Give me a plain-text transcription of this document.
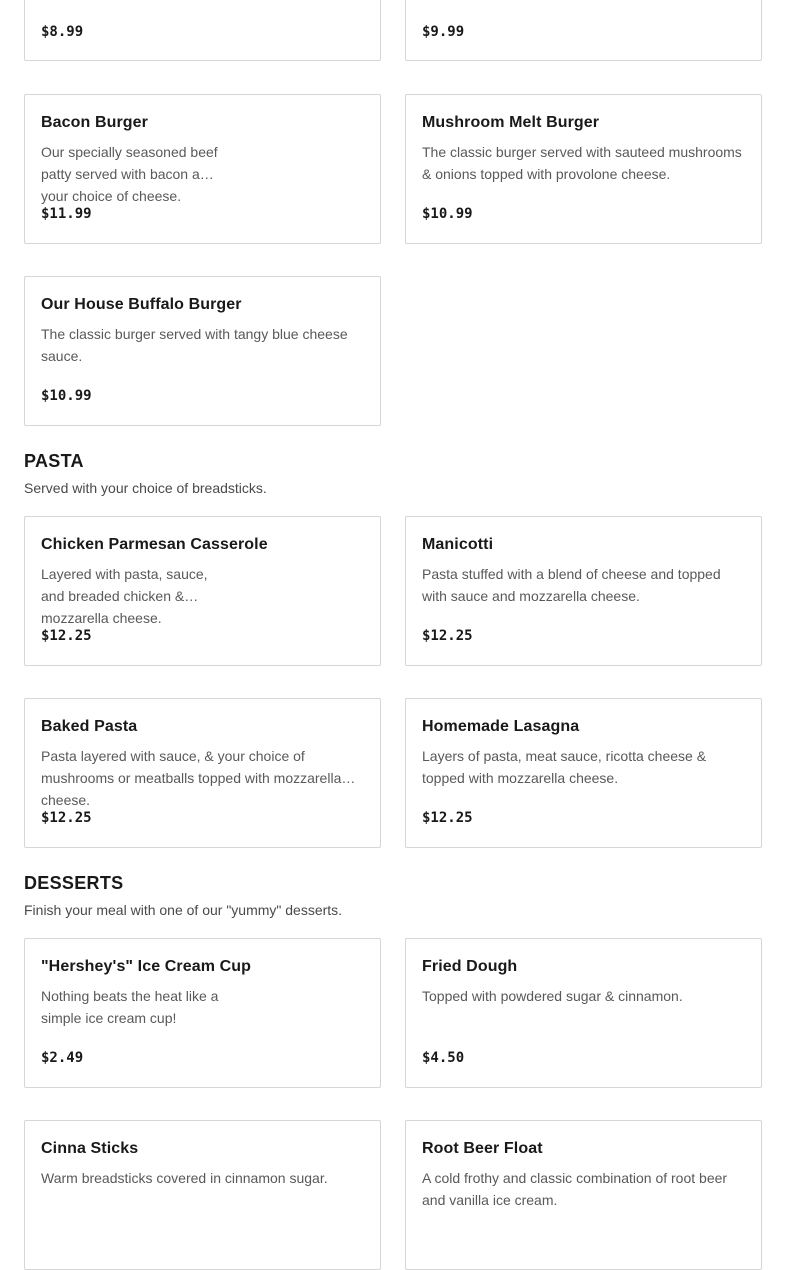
$8.99	$9.99
Bacon Burger
Our specially seasoned beef patty served with bacon and your choice of cheese.
$11.99
Mushroom Melt Burger
The classic burger served with sauteed mushrooms & onions topped with provolone cheese.
$10.99
Our House Buffalo Burger
The classic burger served with tangy blue cheese sauce.
$10.99
PASTA
Served with your choice of breadsticks.
Chicken Parmesan Casserole
Layered with pasta, sauce, and breaded chicken & mozzarella cheese.
$12.25
Manicotti
Pasta stuffed with a blend of cheese and topped with sauce and mozzarella cheese.
$12.25
Baked Pasta
Pasta layered with sauce, & your choice of mushrooms or meatballs topped with mozzarella cheese.
$12.25
Homemade Lasagna
Layers of pasta, meat sauce, ricotta cheese & topped with mozzarella cheese.
$12.25
DESSERTS
Finish your meal with one of our "yummy" desserts.
"Hershey's" Ice Cream Cup
Nothing beats the heat like a simple ice cream cup!
$2.49
Fried Dough
Topped with powdered sugar & cinnamon.
$4.50
Cinna Sticks
Warm breadsticks covered in cinnamon sugar.
Root Beer Float
A cold frothy and classic combination of root beer and vanilla ice cream.
